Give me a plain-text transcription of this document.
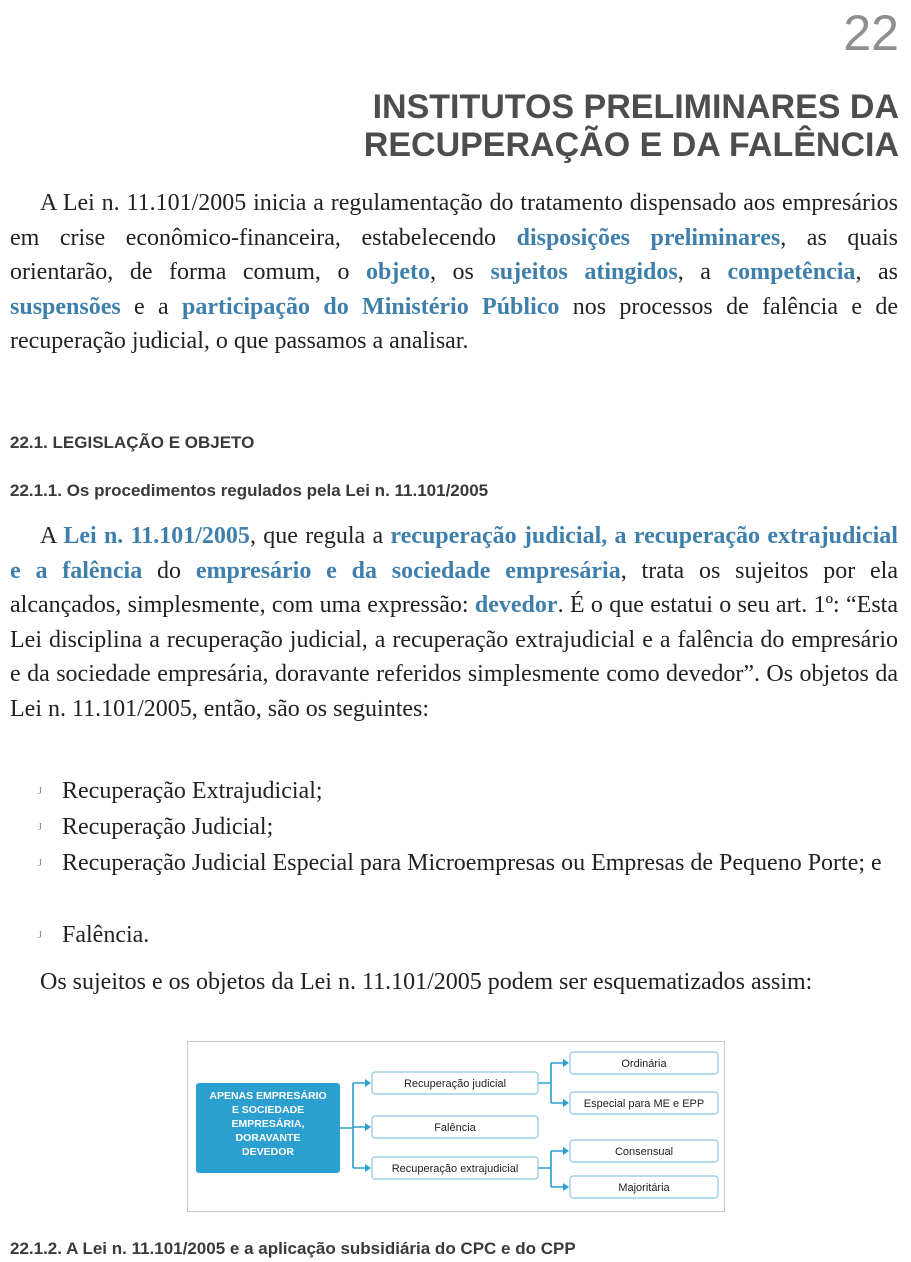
22
INSTITUTOS PRELIMINARES DA
RECUPERAÇÃO E DA FALÊNCIA

A Lei n. 11.101/2005 inicia a regulamentação do tratamento dispensado aos empresários em crise econômico-financeira, estabelecendo disposições preliminares, as quais orientarão, de forma comum, o objeto, os sujeitos atingidos, a competência, as suspensões e a participação do Ministério Público nos processos de falência e de recuperação judicial, o que passamos a analisar.

22.1. LEGISLAÇÃO E OBJETO
22.1.1. Os procedimentos regulados pela Lei n. 11.101/2005

A Lei n. 11.101/2005, que regula a recuperação judicial, a recuperação extrajudicial e a falência do empresário e da sociedade empresária, trata os sujeitos por ela alcançados, simplesmente, com uma expressão: devedor. É o que estatui o seu art. 1º: “Esta Lei disciplina a recuperação judicial, a recuperação extrajudicial e a falência do empresário e da sociedade empresária, doravante referidos simplesmente como devedor”. Os objetos da Lei n. 11.101/2005, então, são os seguintes:

J Recuperação Extrajudicial;

J Recuperação Judicial;

J Recuperação Judicial Especial para Microempresas ou Empresas de Pequeno Porte; e

J Falência.

Os sujeitos e os objetos da Lei n. 11.101/2005 podem ser esquematizados assim:

APENAS EMPRESÁRIO
E SOCIEDADE
EMPRESÁRIA,
DORAVANTE
DEVEDOR
Recuperação judicial
Falência
Recuperação extrajudicial
Ordinária
Especial para ME e EPP
Consensual
Majoritária
22.1.2. A Lei n. 11.101/2005 e a aplicação subsidiária do CPC e do CPP
